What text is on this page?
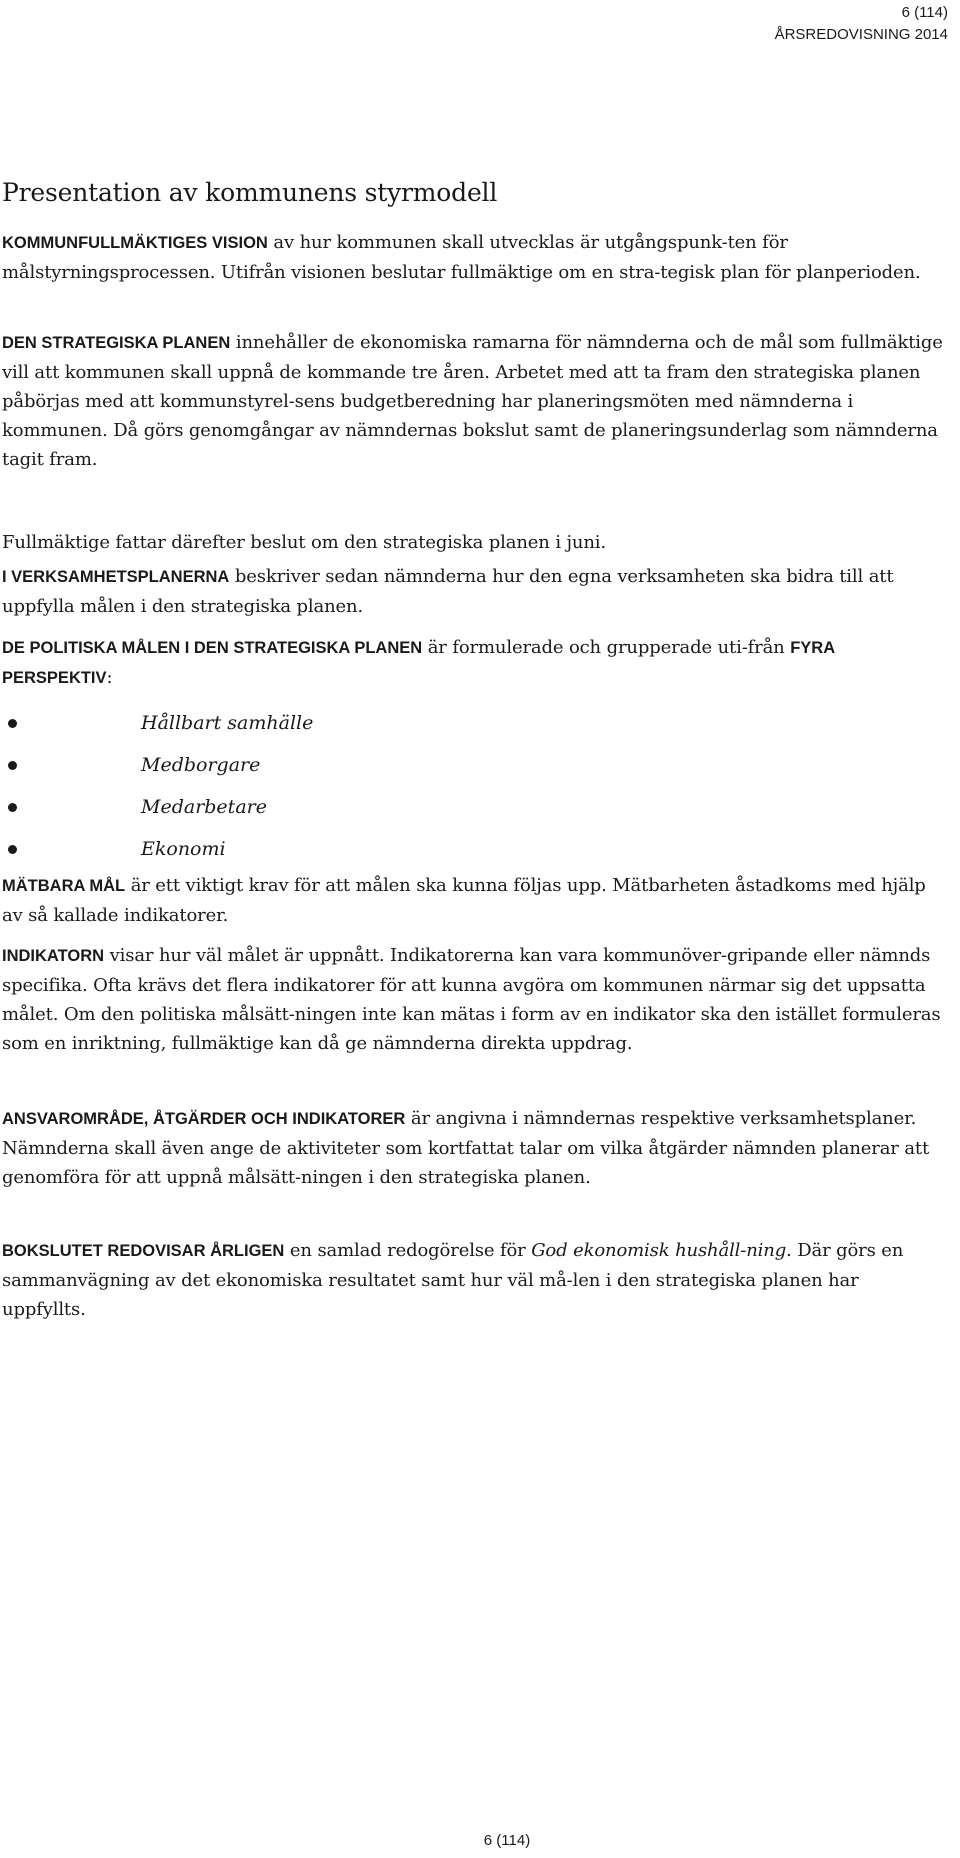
6 (114)
ÅRSREDOVISNING 2014
Presentation av kommunens styrmodell

KOMMUNFULLMÄKTIGES VISION av hur kommunen skall utvecklas är utgångspunk-ten för målstyrningsprocessen. Utifrån visionen beslutar fullmäktige om en stra-tegisk plan för planperioden.

DEN STRATEGISKA PLANEN innehåller de ekonomiska ramarna för nämnderna och de mål som fullmäktige vill att kommunen skall uppnå de kommande tre åren. Arbetet med att ta fram den strategiska planen påbörjas med att kommunstyrel-sens budgetberedning har planeringsmöten med nämnderna i kommunen. Då görs genomgångar av nämndernas bokslut samt de planeringsunderlag som nämnderna tagit fram.

Fullmäktige fattar därefter beslut om den strategiska planen i juni.

I VERKSAMHETSPLANERNA beskriver sedan nämnderna hur den egna verksamheten ska bidra till att uppfylla målen i den strategiska planen.

DE POLITISKA MÅLEN I DEN STRATEGISKA PLANEN är formulerade och grupperade uti-från FYRA PERSPEKTIV:

Hållbart samhälle
Medborgare
Medarbetare
Ekonomi

MÄTBARA MÅL är ett viktigt krav för att målen ska kunna följas upp. Mätbarheten åstadkoms med hjälp av så kallade indikatorer.

INDIKATORN visar hur väl målet är uppnått. Indikatorerna kan vara kommunöver-gripande eller nämnds specifika. Ofta krävs det flera indikatorer för att kunna avgöra om kommunen närmar sig det uppsatta målet. Om den politiska målsätt-ningen inte kan mätas i form av en indikator ska den istället formuleras som en inriktning, fullmäktige kan då ge nämnderna direkta uppdrag.

ANSVAROMRÅDE, ÅTGÄRDER OCH INDIKATORER är angivna i nämndernas respektive verksamhetsplaner. Nämnderna skall även ange de aktiviteter som kortfattat talar om vilka åtgärder nämnden planerar att genomföra för att uppnå målsätt-ningen i den strategiska planen.

BOKSLUTET REDOVISAR ÅRLIGEN en samlad redogörelse för God ekonomisk hushåll-ning. Där görs en sammanvägning av det ekonomiska resultatet samt hur väl må-len i den strategiska planen har uppfyllts.

6 (114)
